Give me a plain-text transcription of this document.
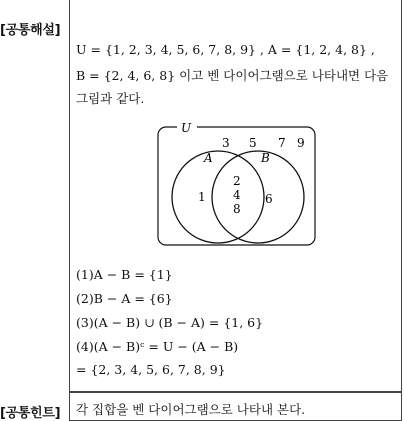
[공통해설]
U = {1, 2, 3, 4, 5, 6, 7, 8, 9} , A = {1, 2, 4, 8} ,
B = {2, 4, 6, 8} 이고 벤 다이어그램으로 나타내면 다음
그림과 같다.
U
A	B
3 5 7 9
1
2
4
8
6
(1)A − B = {1}
(2)B − A = {6}
(3)(A − B) ∪ (B − A) = {1, 6}
(4)(A − B)ᶜ = U − (A − B)
= {2, 3, 4, 5, 6, 7, 8, 9}
[공통힌트] 각 집합을 벤 다이어그램으로 나타내 본다.
